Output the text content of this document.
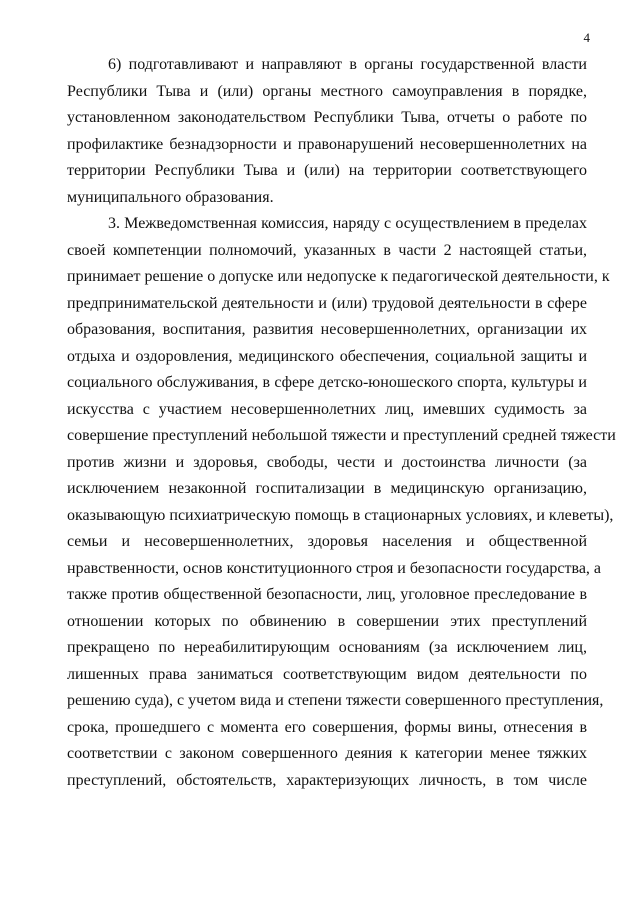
4

6) подготавливают и направляют в органы государственной власти

Республики Тыва и (или) органы местного самоуправления в порядке,

установленном законодательством Республики Тыва, отчеты о работе по

профилактике безнадзорности и правонарушений несовершеннолетних на

территории Республики Тыва и (или) на территории соответствующего

муниципального образования.

3. Межведомственная комиссия, наряду с осуществлением в пределах

своей компетенции полномочий, указанных в части 2 настоящей статьи,

принимает решение о допуске или недопуске к педагогической деятельности, к

предпринимательской деятельности и (или) трудовой деятельности в сфере

образования, воспитания, развития несовершеннолетних, организации их

отдыха и оздоровления, медицинского обеспечения, социальной защиты и

социального обслуживания, в сфере детско-юношеского спорта, культуры и

искусства с участием несовершеннолетних лиц, имевших судимость за

совершение преступлений небольшой тяжести и преступлений средней тяжести

против жизни и здоровья, свободы, чести и достоинства личности (за

исключением незаконной госпитализации в медицинскую организацию,

оказывающую психиатрическую помощь в стационарных условиях, и клеветы),

семьи и несовершеннолетних, здоровья населения и общественной

нравственности, основ конституционного строя и безопасности государства, а

также против общественной безопасности, лиц, уголовное преследование в

отношении которых по обвинению в совершении этих преступлений

прекращено по нереабилитирующим основаниям (за исключением лиц,

лишенных права заниматься соответствующим видом деятельности по

решению суда), с учетом вида и степени тяжести совершенного преступления,

срока, прошедшего с момента его совершения, формы вины, отнесения в

соответствии с законом совершенного деяния к категории менее тяжких

преступлений, обстоятельств, характеризующих личность, в том числе
